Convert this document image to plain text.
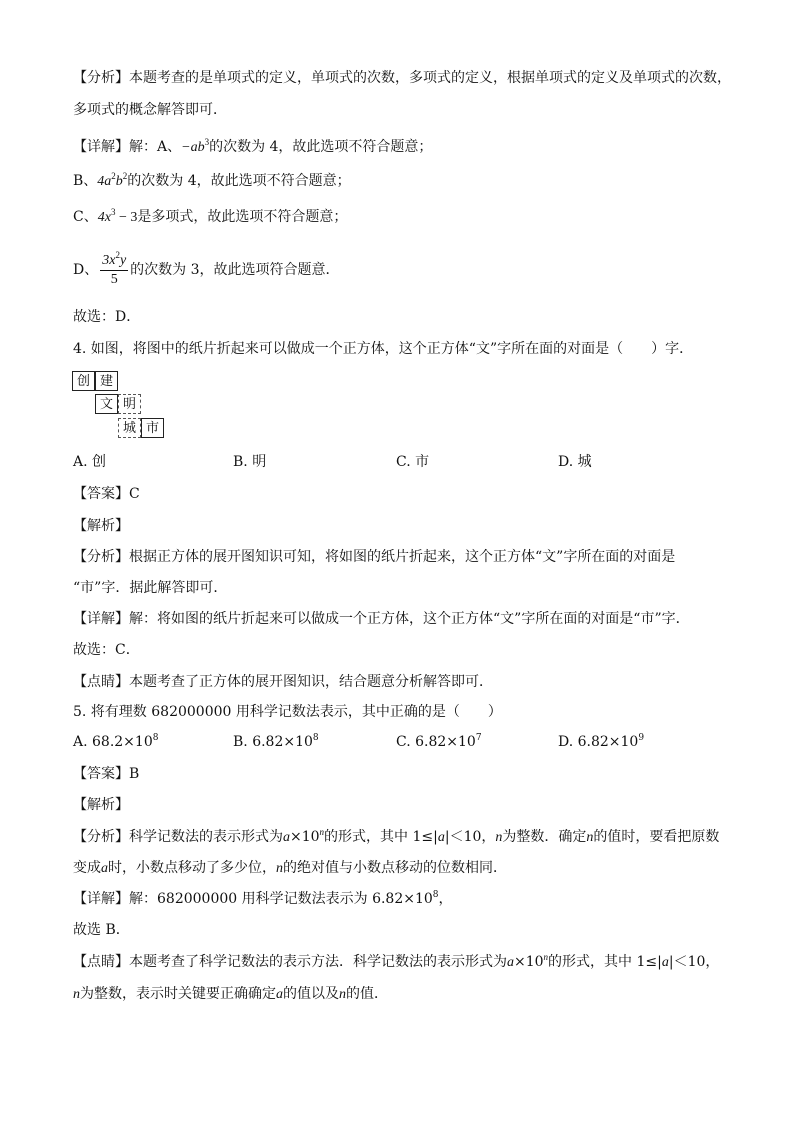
【分析】本题考查的是单项式的定义，单项式的次数，多项式的定义，根据单项式的定义及单项式的次数，
多项式的概念解答即可．
【详解】解：A、$-ab^3$的次数为 4，故此选项不符合题意；
B、$4a^2b^2$的次数为 4，故此选项不符合题意；
C、$4x^3 - 3$是多项式，故此选项不符合题意；
D、 $\frac{3x^2y}{5}$ 的次数为 3，故此选项符合题意．
故选：D．
4. 如图，将图中的纸片折起来可以做成一个正方体，这个正方体“文”字所在面的对面是（　　）字．
创 建
文 明
城 市
A. 创	B. 明	C. 市	D. 城
【答案】C
【解析】
【分析】根据正方体的展开图知识可知，将如图的纸片折起来，这个正方体“文”字所在面的对面是
“市”字．据此解答即可．
【详解】解：将如图的纸片折起来可以做成一个正方体，这个正方体“文”字所在面的对面是“市”字．
故选：C．
【点睛】本题考查了正方体的展开图知识，结合题意分析解答即可．
5. 将有理数 682000000 用科学记数法表示，其中正确的是（　　）
A. $68.2\times 10^8$	B. $6.82\times 10^8$	C. $6.82\times 10^7$	D. $6.82\times 10^9$
【答案】B
【解析】
【分析】科学记数法的表示形式为$a\times 10^n$的形式，其中 1≤|a|＜10，n为整数．确定n的值时，要看把原数
变成a时，小数点移动了多少位，n的绝对值与小数点移动的位数相同．
【详解】解：682000000 用科学记数法表示为 $6.82\times 10^8$，
故选 B．
【点睛】本题考查了科学记数法的表示方法．科学记数法的表示形式为$a\times 10^n$的形式，其中 1≤|a|＜10，
n为整数，表示时关键要正确确定a的值以及n的值．
